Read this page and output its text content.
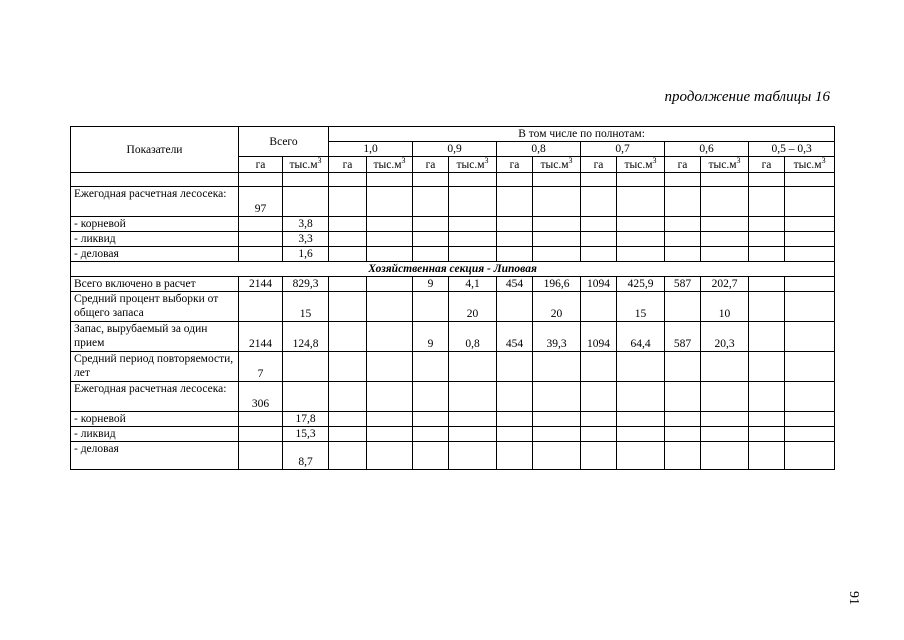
продолжение таблицы 16
Показатели	Всего		В том числе по полнотам:											
			1,0		0,9		0,8		0,7		0,6		0,5 – 0,3	
	га	$тыс.м^3$	га	$тыс.м^3$	га	$тыс.м^3$	га	$тыс.м^3$	га	$тыс.м^3$	га	$тыс.м^3$	га	$тыс.м^3$

Ежегодная расчетная лесосека:	97													
- корневой		3,8												
- ликвид		3,3												
- деловая		1,6												
Хозяйственная секция - Липовая														
Всего включено в расчет	2144	829,3			9	4,1	454	196,6	1094	425,9	587	202,7		
Средний процент выборки от общего запаса		15				20		20		15		10		
Запас, вырубаемый за один прием	2144	124,8			9	0,8	454	39,3	1094	64,4	587	20,3		
Средний период повторяемости, лет	7													
Ежегодная расчетная лесосека:	306													
- корневой		17,8												
- ликвид		15,3												
- деловая		8,7												
91
